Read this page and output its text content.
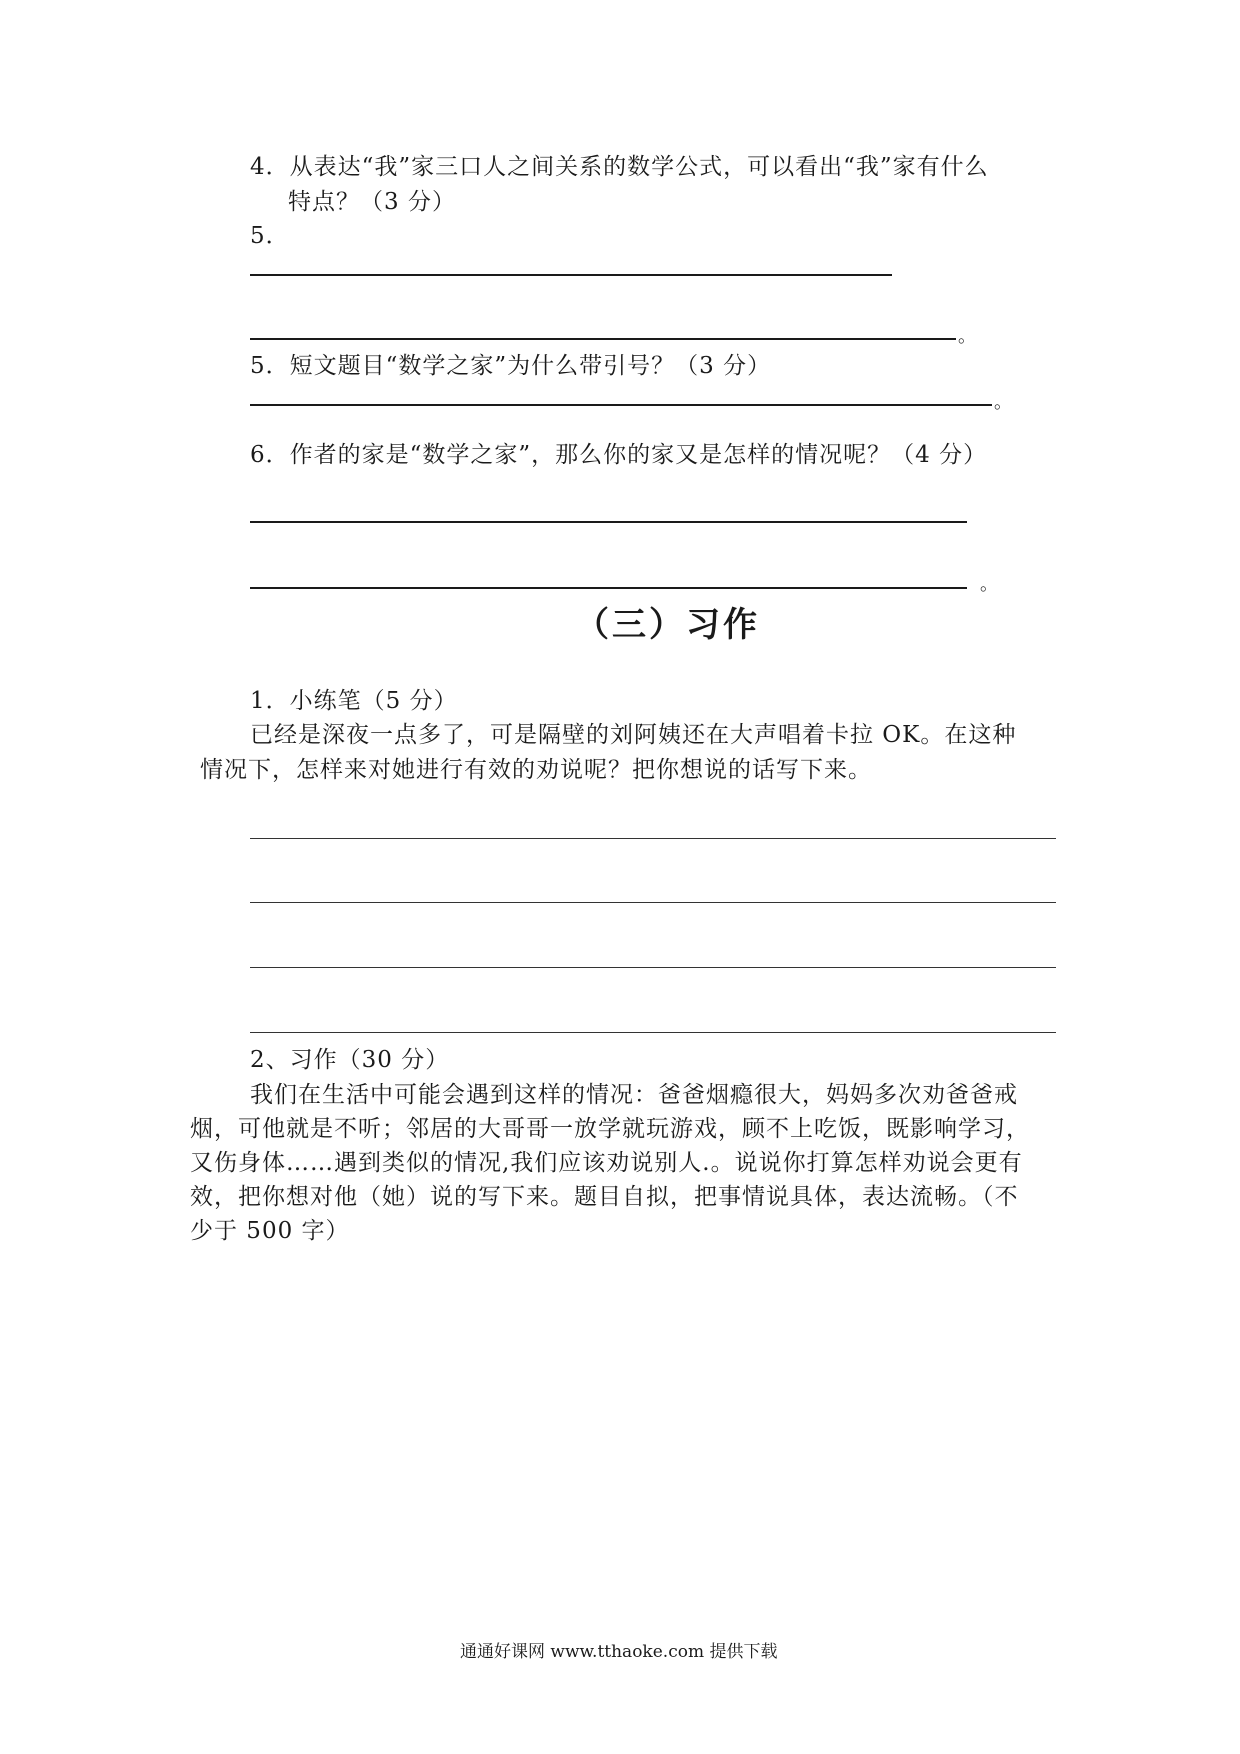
4．从表达“我”家三口人之间关系的数学公式，可以看出“我”家有什么
特点？（3 分）
5．
。
5．短文题目“数学之家”为什么带引号？（3 分）
。
6．作者的家是“数学之家”，那么你的家又是怎样的情况呢？（4 分）
。
（三）习作
1．小练笔（5 分）
已经是深夜一点多了，可是隔壁的刘阿姨还在大声唱着卡拉 OK。在这种
情况下，怎样来对她进行有效的劝说呢？把你想说的话写下来。
2、习作（30 分）
我们在生活中可能会遇到这样的情况：爸爸烟瘾很大，妈妈多次劝爸爸戒
烟，可他就是不听；邻居的大哥哥一放学就玩游戏，顾不上吃饭，既影响学习，
又伤身体……遇到类似的情况,我们应该劝说别人.。说说你打算怎样劝说会更有
效，把你想对他（她）说的写下来。题目自拟，把事情说具体，表达流畅。（不
少于 500 字）
通通好课网 www.tthaoke.com 提供下载
